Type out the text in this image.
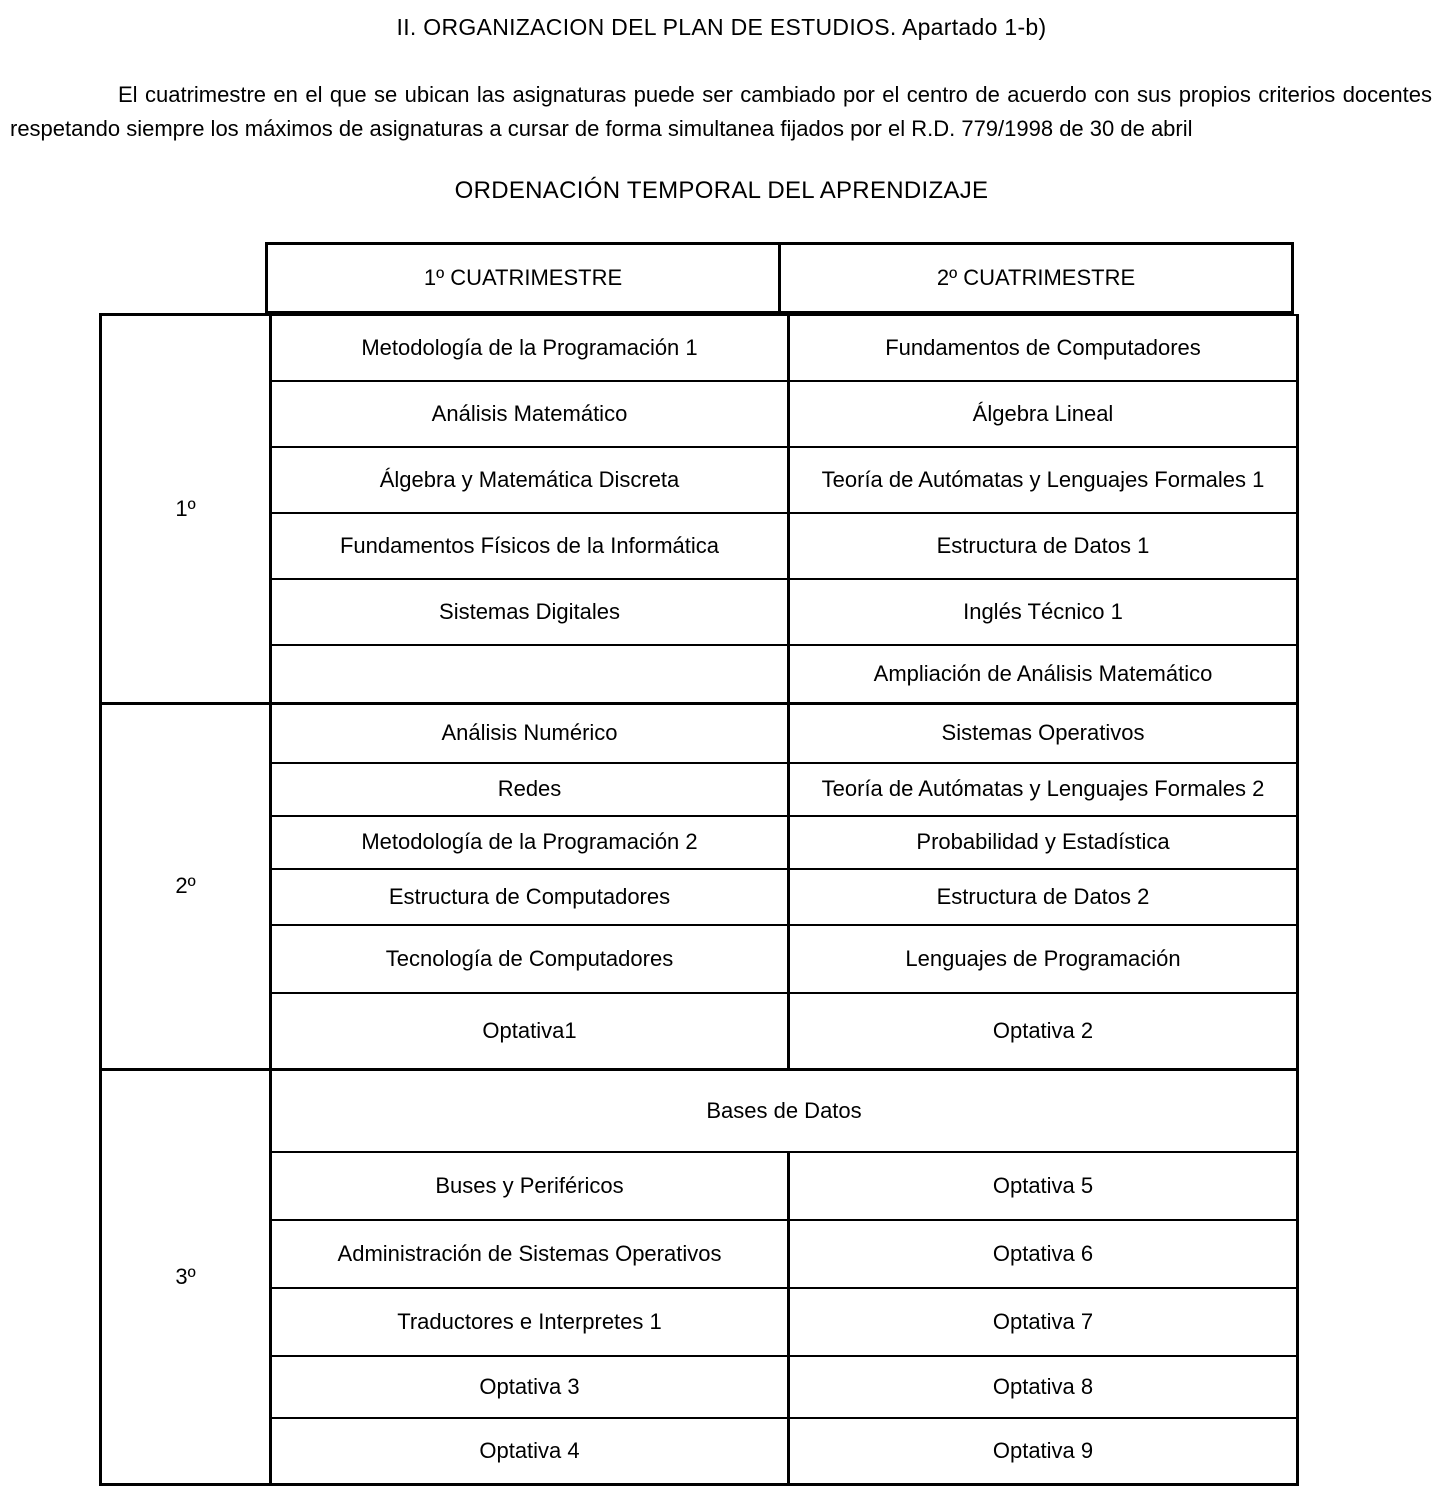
II. ORGANIZACION DEL PLAN DE ESTUDIOS. Apartado 1-b)
El cuatrimestre en el que se ubican las asignaturas puede ser cambiado por el centro de acuerdo con sus propios criterios docentes respetando siempre los máximos de asignaturas a cursar de forma simultanea fijados por el R.D. 779/1998 de 30 de abril
ORDENACIÓN TEMPORAL DEL APRENDIZAJE
1º CUATRIMESTRE	2º CUATRIMESTRE
1º	Metodología de la Programación 1	Fundamentos de Computadores
	Análisis Matemático	Álgebra Lineal
	Álgebra y Matemática Discreta	Teoría de Autómatas y Lenguajes Formales 1
	Fundamentos Físicos de la Informática	Estructura de Datos 1
	Sistemas Digitales	Inglés Técnico 1
		Ampliación de Análisis Matemático
2º	Análisis Numérico	Sistemas Operativos
	Redes	Teoría de Autómatas y Lenguajes Formales 2
	Metodología de la Programación 2	Probabilidad y Estadística
	Estructura de Computadores	Estructura de Datos 2
	Tecnología de Computadores	Lenguajes de Programación
	Optativa1	Optativa 2
3º	Bases de Datos	
	Buses y Periféricos	Optativa 5
	Administración de Sistemas Operativos	Optativa 6
	Traductores e Interpretes 1	Optativa 7
	Optativa 3	Optativa 8
	Optativa 4	Optativa 9
